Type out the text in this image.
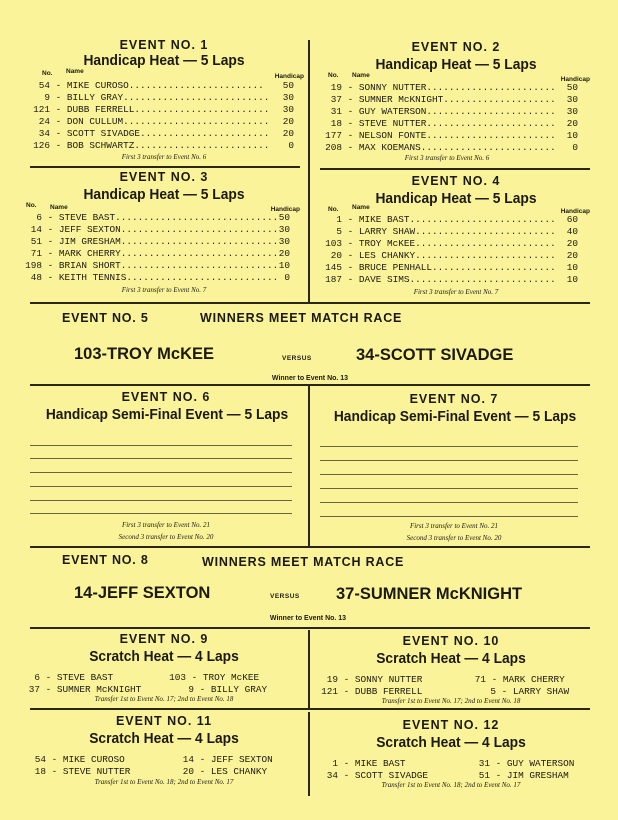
EVENT NO. 1
Handicap Heat — 5 Laps
No. Name
Handicap
54 - MIKE CUROSO........................ 50
9 - BILLY GRAY.......................... 30
121 - DUBB FERRELL........................ 30
24 - DON CULLUM.......................... 20
34 - SCOTT SIVADGE....................... 20
126 - BOB SCHWARTZ........................ 0
First 3 transfer to Event No. 6
EVENT NO. 2
Handicap Heat — 5 Laps
No. Name
Handicap
19 - SONNY NUTTER....................... 50
37 - SUMNER McKNIGHT.................... 30
31 - GUY WATERSON....................... 30
18 - STEVE NUTTER....................... 20
177 - NELSON FONTE....................... 10
208 - MAX KOEMANS........................ 0
First 3 transfer to Event No. 6
EVENT NO. 3
Handicap Heat — 5 Laps
No. Name	Handicap
6 - STEVE BAST............................. 50
14 - JEFF SEXTON............................ 30
51 - JIM GRESHAM............................ 30
71 - MARK CHERRY............................ 20
198 - BRIAN SHORT............................ 10
48 - KEITH TENNIS........................... 0
First 3 transfer to Event No. 7
EVENT NO. 4
Handicap Heat — 5 Laps
No. Name
Handicap
1 - MIKE BAST.......................... 60
5 - LARRY SHAW......................... 40
103 - TROY McKEE......................... 20
20 - LES CHANKY......................... 20
145 - BRUCE PENHALL...................... 10
187 - DAVE SIMS.......................... 10
First 3 transfer to Event No. 7
EVENT NO. 5	WINNERS MEET MATCH RACE
103-TROY McKEE	VERSUS	34-SCOTT SIVADGE
Winner to Event No. 13
EVENT NO. 6
Handicap Semi-Final Event — 5 Laps
First 3 transfer to Event No. 21
Second 3 transfer to Event No. 20
EVENT NO. 7
Handicap Semi-Final Event — 5 Laps
First 3 transfer to Event No. 21
Second 3 transfer to Event No. 20
EVENT NO. 8	WINNERS MEET MATCH RACE
14-JEFF SEXTON	VERSUS 37-SUMNER McKNIGHT
Winner to Event No. 13
EVENT NO. 9
Scratch Heat — 4 Laps
6 - STEVE BAST	103 - TROY McKEE
37 - SUMNER McKNIGHT	9 - BILLY GRAY
Transfer 1st to Event No. 17; 2nd to Event No. 18
EVENT NO. 10
Scratch Heat — 4 Laps
19 - SONNY NUTTER	71 - MARK CHERRY
121 - DUBB FERRELL	5 - LARRY SHAW
Transfer 1st to Event No. 17; 2nd to Event No. 18
EVENT NO. 11
Scratch Heat — 4 Laps
54 - MIKE CUROSO	14 - JEFF SEXTON
18 - STEVE NUTTER	20 - LES CHANKY
Transfer 1st to Event No. 18; 2nd to Event No. 17
EVENT NO. 12
Scratch Heat — 4 Laps
1 - MIKE BAST	31 - GUY WATERSON
34 - SCOTT SIVADGE	51 - JIM GRESHAM
Transfer 1st to Event No. 18; 2nd to Event No. 17
